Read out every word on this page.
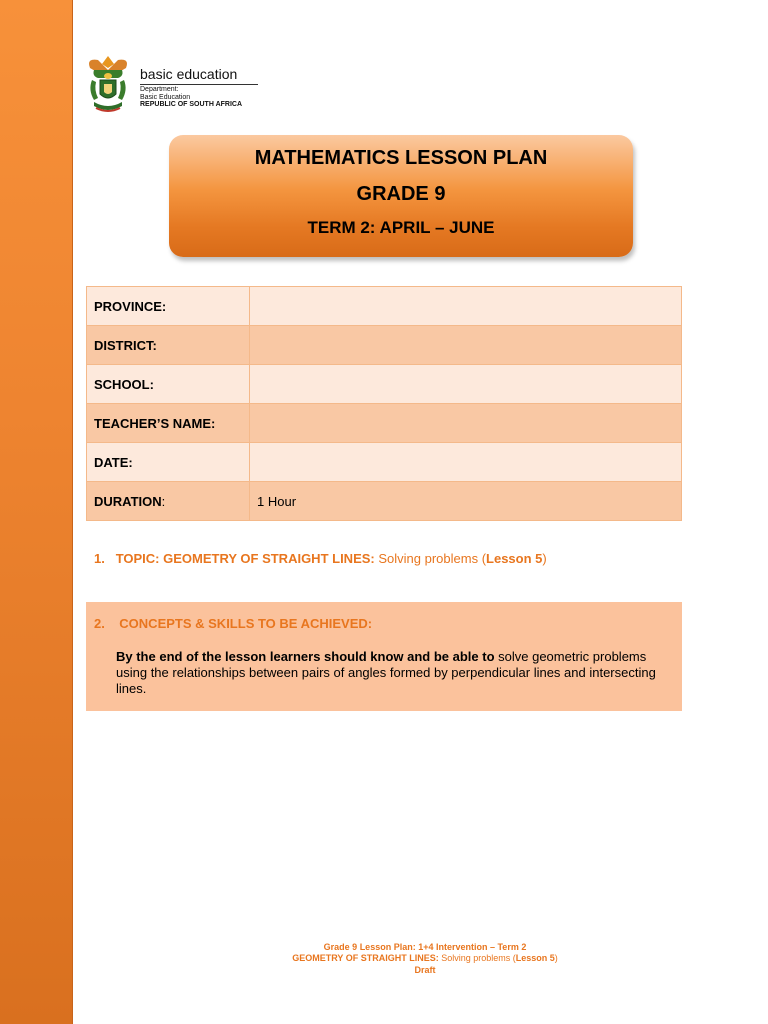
basic education
Department:
Basic Education
REPUBLIC OF SOUTH AFRICA
MATHEMATICS LESSON PLAN
GRADE 9
TERM 2: APRIL – JUNE
PROVINCE:	
DISTRICT:	
SCHOOL:	
TEACHER’S NAME:	
DATE:	
DURATION:	1 Hour
1. TOPIC: GEOMETRY OF STRAIGHT LINES: Solving problems (Lesson 5)
2. CONCEPTS & SKILLS TO BE ACHIEVED:
By the end of the lesson learners should know and be able to solve geometric problems using the relationships between pairs of angles formed by perpendicular lines and intersecting lines.
Grade 9 Lesson Plan: 1+4 Intervention – Term 2
GEOMETRY OF STRAIGHT LINES: Solving problems (Lesson 5)
Draft
